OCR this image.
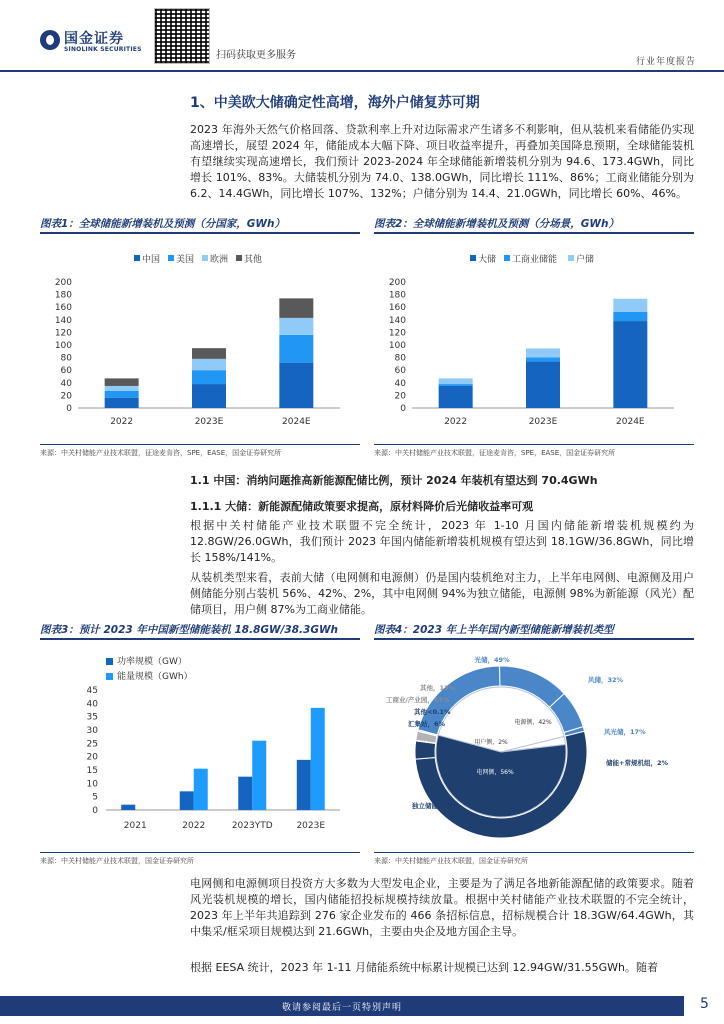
国金证券
SINOLINK SECURITIES
扫码获取更多服务
行业年度报告
1、中美欧大储确定性高增，海外户储复苏可期
2023 年海外天然气价格回落、贷款利率上升对边际需求产生诸多不利影响，但从装机来看储能仍实现高速增长，展望 2024 年，储能成本大幅下降、项目收益率提升，再叠加美国降息预期，全球储能装机有望继续实现高速增长，我们预计 2023-2024 年全球储能新增装机分别为 94.6、173.4GWh，同比增长 101%、83%。大储装机分别为 74.0、138.0GWh，同比增长 111%、86%；工商业储能分别为 6.2、14.4GWh，同比增长 107%、132%；户储分别为 14.4、21.0GWh，同比增长 60%、46%。
图表1：全球储能新增装机及预测（分国家，GWh）	图表2：全球储能新增装机及预测（分场景，GWh）
中国 美国 欧洲 其他
0
20
40
60
80
100
120
140
160
180
200
2022	2023E	2024E
大储 工商业储能 户储
0
20
40
60
80
100
120
140
160
180
200
2022	2023E	2024E
来源：中关村储能产业技术联盟，征途麦肯咨，SPE，EASE，国金证券研究所	来源：中关村储能产业技术联盟，征途麦肯咨，SPE，EASE，国金证券研究所
1.1 中国：消纳问题推高新能源配储比例，预计 2024 年装机有望达到 70.4GWh
1.1.1 大储：新能源配储政策要求提高，原材料降价后光储收益率可观
根据中关村储能产业技术联盟不完全统计，2023 年 1-10 月国内储能新增装机规模约为 12.8GW/26.0GWh，我们预计 2023 年国内储能新增装机规模有望达到 18.1GW/36.8GWh，同比增长 158%/141%。
从装机类型来看，表前大储（电网侧和电源侧）仍是国内装机绝对主力，上半年电网侧、电源侧及用户侧储能分别占装机 56%、42%、2%，其中电网侧 94%为独立储能，电源侧 98%为新能源（风光）配储项目，用户侧 87%为工商业储能。
图表3：预计 2023 年中国新型储能装机 18.8GW/38.3GWh	图表4：2023 年上半年国内新型储能新增装机类型
功率规模（GW）
能量规模（GWh）
0
5
10
15
20
25
30
35
40
45
2021	2022	2023YTD	2023E
电网侧，56%
电源侧，42%
用户侧，2%
光储，49%
风储，32%
风光储，17%
储能+常规机组，2%
独立储能，94%
汇集站，6%
其他<0.1%
工商业/产业园，87%
其他，13%
来源：中关村储能产业技术联盟，国金证券研究所	来源：中关村储能产业技术联盟，国金证券研究所
电网侧和电源侧项目投资方大多数为大型发电企业，主要是为了满足各地新能源配储的政策要求。随着风光装机规模的增长，国内储能招投标规模持续放量。根据中关村储能产业技术联盟的不完全统计，2023 年上半年共追踪到 276 家企业发布的 466 条招标信息，招标规模合计 18.3GW/64.4GWh，其中集采/框采项目规模达到 21.6GWh，主要由央企及地方国企主导。
根据 EESA 统计，2023 年 1-11 月储能系统中标累计规模已达到 12.94GW/31.55GWh。随着
敬请参阅最后一页特别声明	5
